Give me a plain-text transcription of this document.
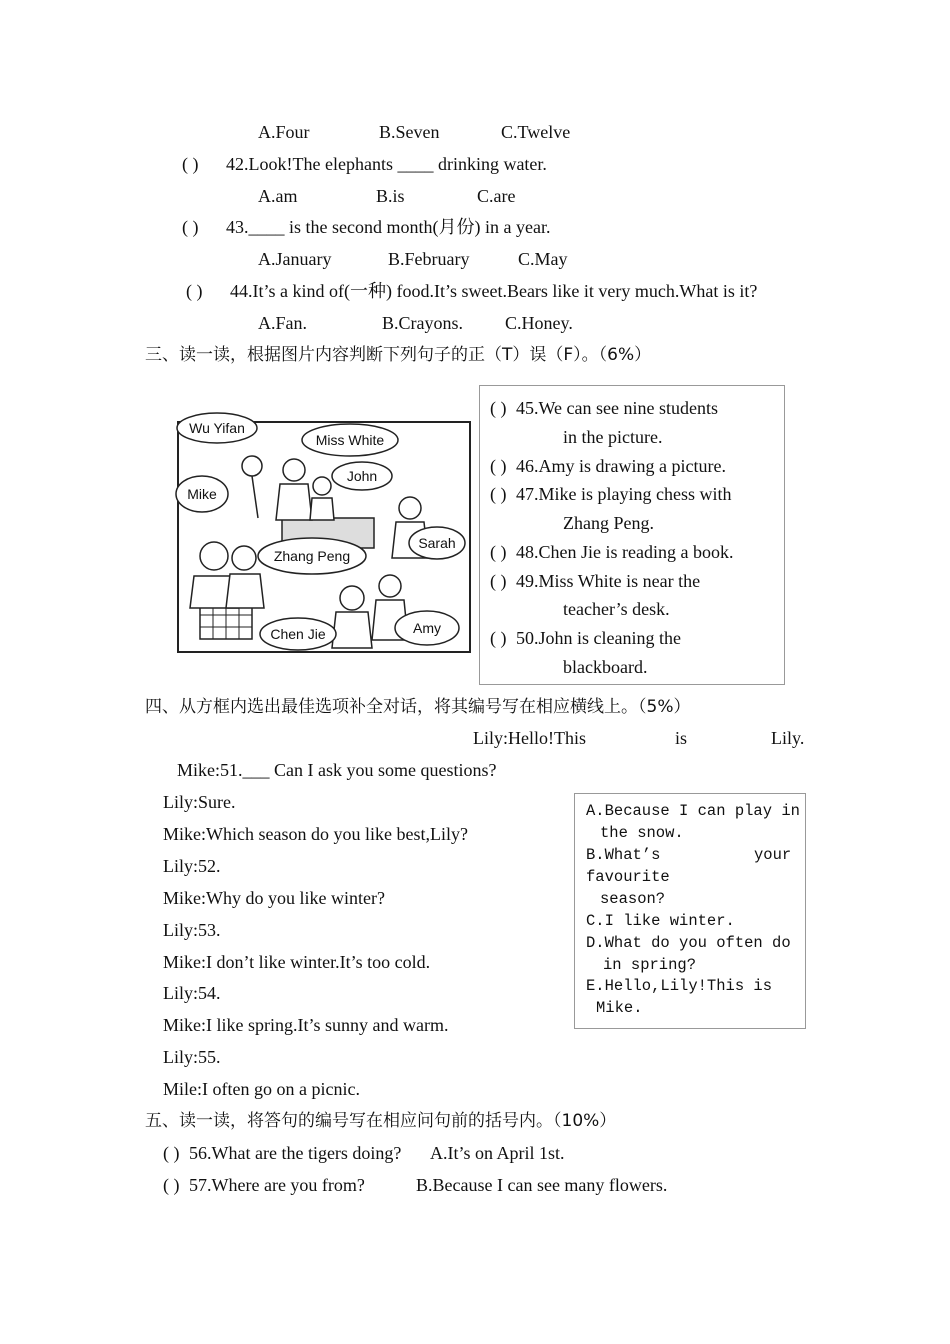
A.Four	B.Seven	C.Twelve
( ) 42.Look!The elephants ____ drinking water.
A.am	B.is	C.are
( ) 43.____ is the second month(月份) in a year.
A.January	B.February	C.May
( ) 44.It’s a kind of(一种) food.It’s sweet.Bears like it very much.What is it?
A.Fan.	B.Crayons. C.Honey.
三、读一读，根据图片内容判断下列句子的正（T）误（F）。（6%）
Wu Yifan
Miss White
John
Mike
Sarah
Zhang Peng
Chen Jie	Amy
( ) 45.We can see nine students
in the picture.
( ) 46.Amy is drawing a picture.
( ) 47.Mike is playing chess with
Zhang Peng.
( ) 48.Chen Jie is reading a book.
( ) 49.Miss White is near the
teacher’s desk.
( ) 50.John is cleaning the
blackboard.
四、从方框内选出最佳选项补全对话，将其编号写在相应横线上。（5%）
Lily:Hello!This	is	Lily.
Mike:51.___ Can I ask you some questions?
Lily:Sure.
Mike:Which season do you like best,Lily?
Lily:52.
Mike:Why do you like winter?
Lily:53.
Mike:I don’t like winter.It’s too cold.
Lily:54.
Mike:I like spring.It’s sunny and warm.
Lily:55.
Mile:I often go on a picnic.
A.Because I can play in
the snow.
B.What’s	your
favourite
season?
C.I like winter.
D.What do you often do
in spring?
E.Hello,Lily!This is
Mike.
五、读一读，将答句的编号写在相应问句前的括号内。（10%）
( ) 56.What are the tigers doing? A.It’s on April 1st.
( ) 57.Where are you from?	B.Because I can see many flowers.
